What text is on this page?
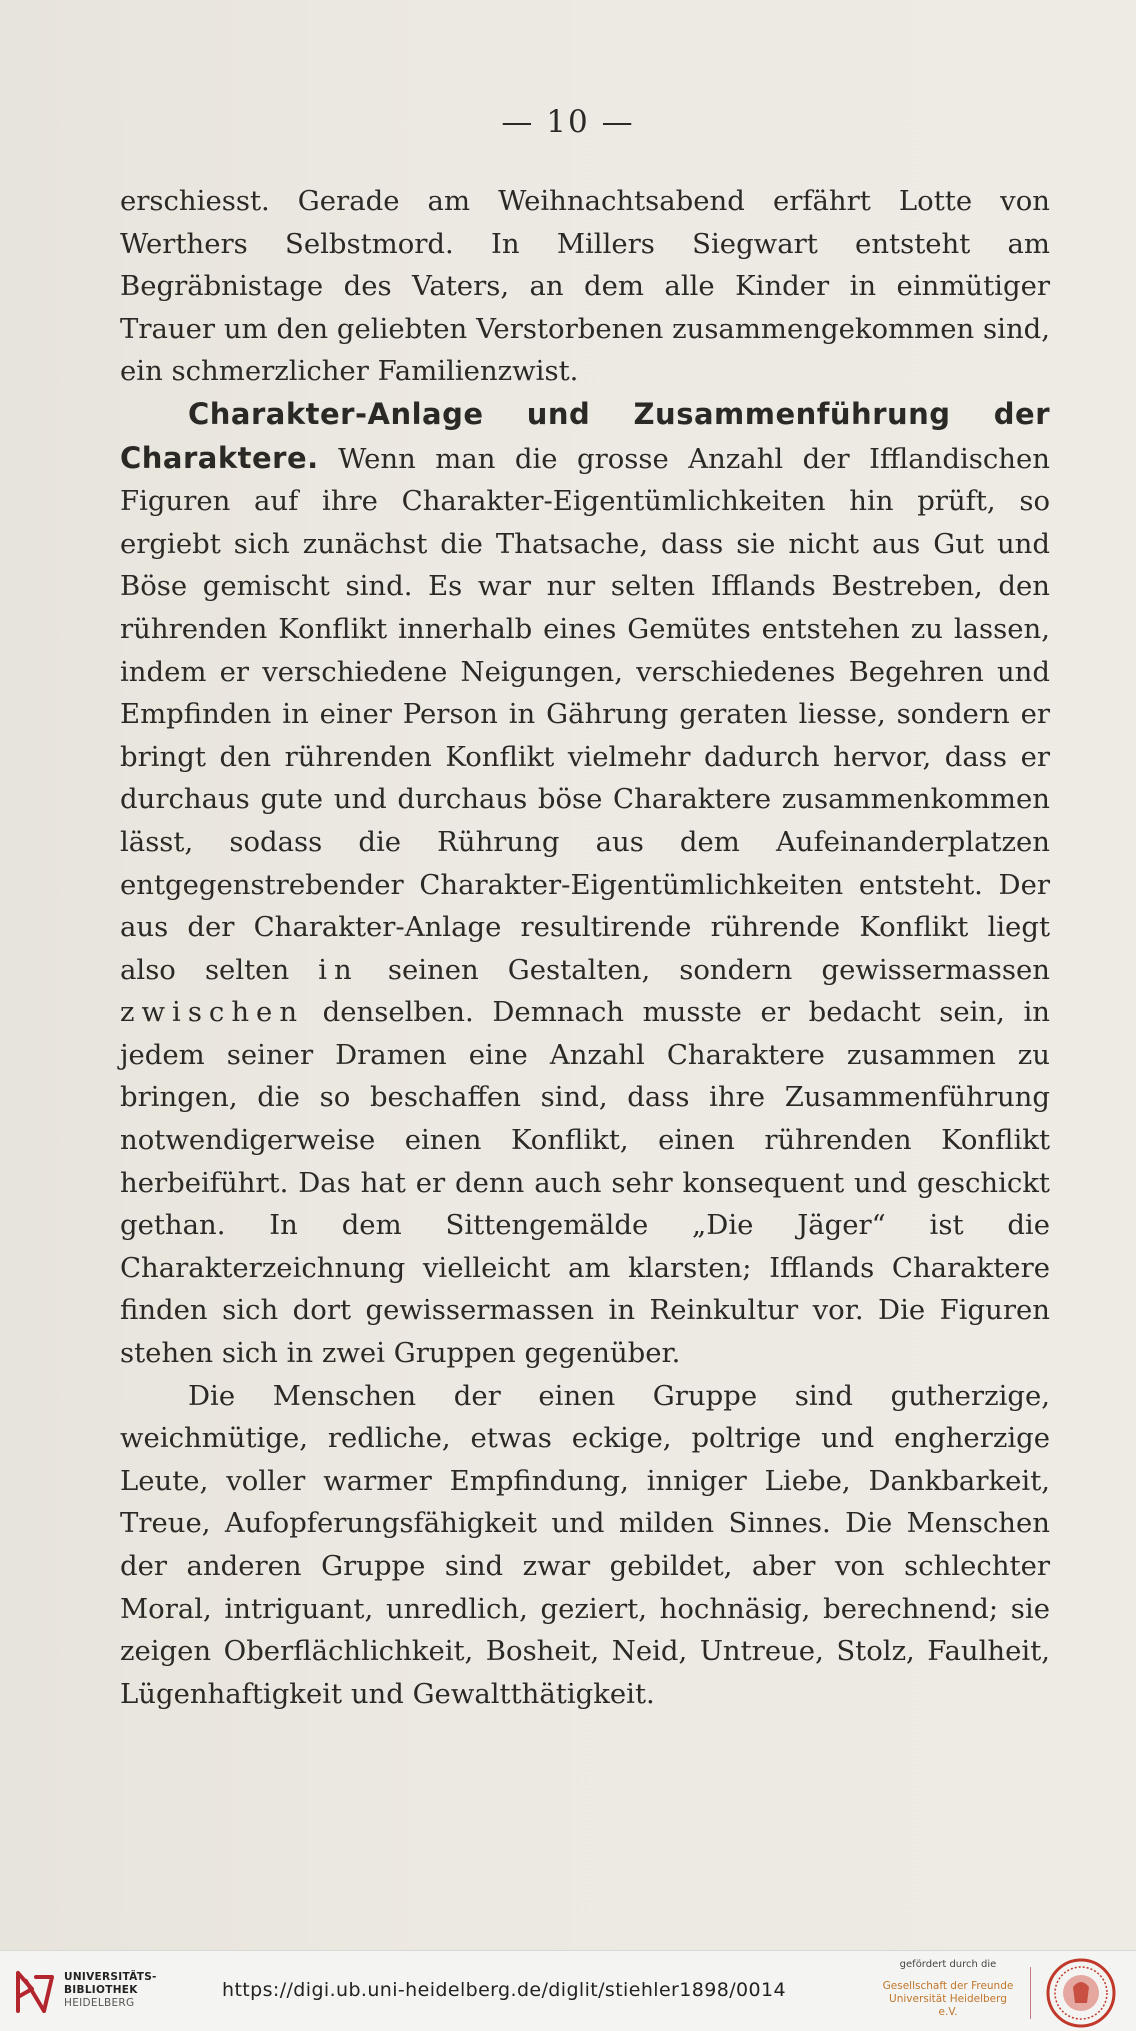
— 10 —

erschiesst. Gerade am Weihnachtsabend erfährt Lotte von Werthers Selbstmord. In Millers Siegwart entsteht am Begräbnistage des Vaters, an dem alle Kinder in einmütiger Trauer um den geliebten Verstorbenen zusammengekommen sind, ein schmerzlicher Familienzwist.

Charakter-Anlage und Zusammenführung der Charaktere. Wenn man die grosse Anzahl der Ifflandischen Figuren auf ihre Charakter-Eigentümlichkeiten hin prüft, so ergiebt sich zunächst die Thatsache, dass sie nicht aus Gut und Böse gemischt sind. Es war nur selten Ifflands Bestreben, den rührenden Konflikt innerhalb eines Gemütes entstehen zu lassen, indem er verschiedene Neigungen, verschiedenes Begehren und Empfinden in einer Person in Gährung geraten liesse, sondern er bringt den rührenden Konflikt vielmehr dadurch hervor, dass er durchaus gute und durchaus böse Charaktere zusammenkommen lässt, sodass die Rührung aus dem Aufeinanderplatzen entgegenstrebender Charakter-Eigentümlichkeiten entsteht. Der aus der Charakter-Anlage resultirende rührende Konflikt liegt also selten in seinen Gestalten, sondern gewissermassen zwischen denselben. Demnach musste er bedacht sein, in jedem seiner Dramen eine Anzahl Charaktere zusammen zu bringen, die so beschaffen sind, dass ihre Zusammenführung notwendigerweise einen Konflikt, einen rührenden Konflikt herbeiführt. Das hat er denn auch sehr konsequent und geschickt gethan. In dem Sittengemälde „Die Jäger“ ist die Charakterzeichnung vielleicht am klarsten; Ifflands Charaktere finden sich dort gewissermassen in Reinkultur vor. Die Figuren stehen sich in zwei Gruppen gegenüber.

Die Menschen der einen Gruppe sind gutherzige, weichmütige, redliche, etwas eckige, poltrige und engherzige Leute, voller warmer Empfindung, inniger Liebe, Dankbarkeit, Treue, Aufopferungsfähigkeit und milden Sinnes. Die Menschen der anderen Gruppe sind zwar gebildet, aber von schlechter Moral, intriguant, unredlich, geziert, hochnäsig, berechnend; sie zeigen Oberflächlichkeit, Bosheit, Neid, Untreue, Stolz, Faulheit, Lügenhaftigkeit und Gewaltthätigkeit.

UNIVERSITÄTS-
BIBLIOTHEK
HEIDELBERG
https://digi.ub.uni-heidelberg.de/diglit/stiehler1898/0014
gefördert durch die
Gesellschaft der Freunde
Universität Heidelberg e.V.
